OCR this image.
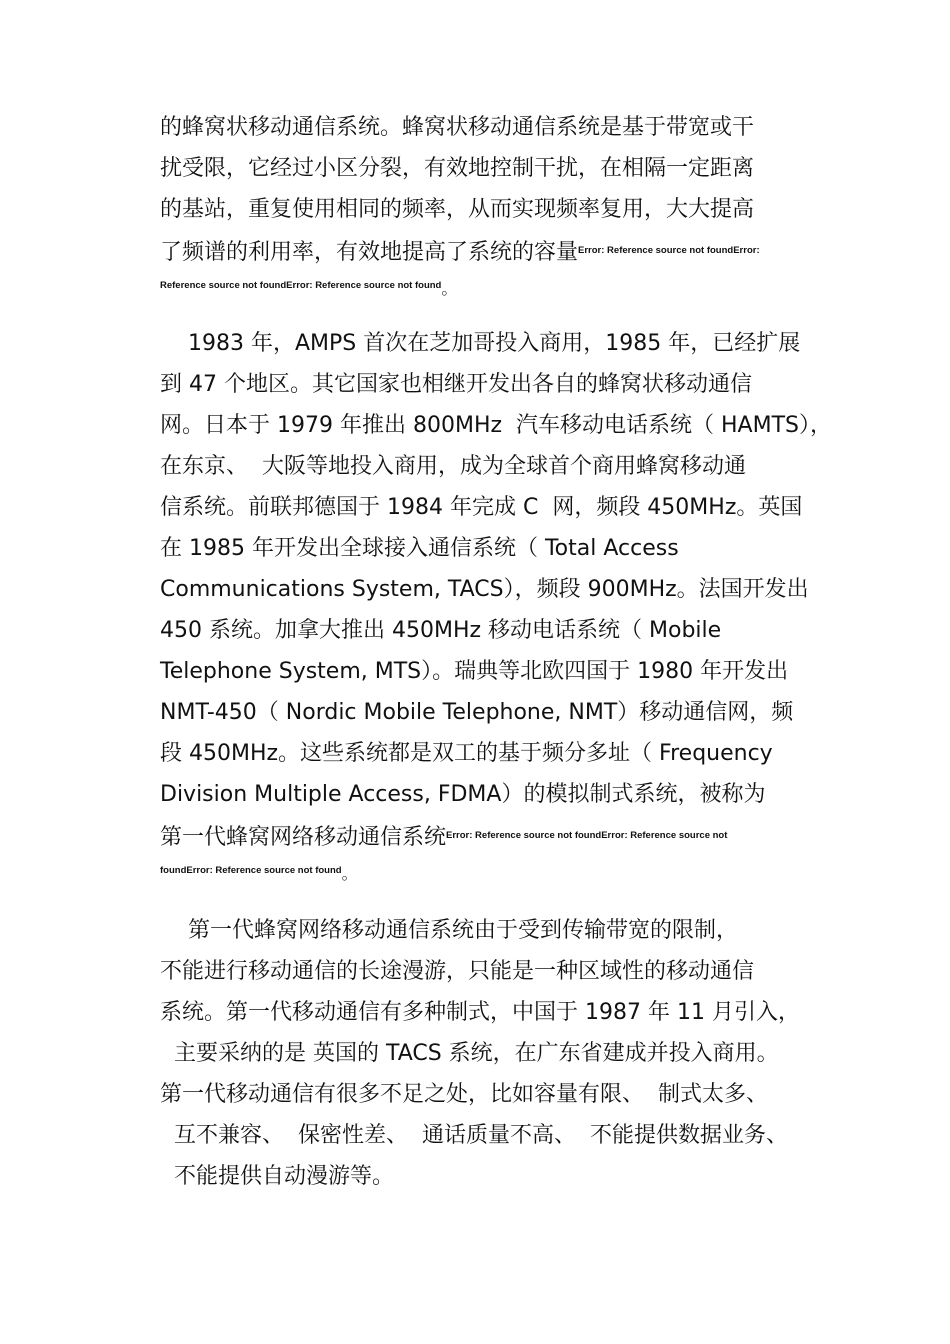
的蜂窝状移动通信系统。蜂窝状移动通信系统是基于带宽或干
扰受限，它经过小区分裂，有效地控制干扰，在相隔一定距离
的基站，重复使用相同的频率，从而实现频率复用，大大提高
了频谱的利用率，有效地提高了系统的容量$^{Error: Reference source not foundError:}$
Reference source not foundError: Reference source not found。
1983 年，AMPS 首次在芝加哥投入商用，1985 年，已经扩展
到 47 个地区。其它国家也相继开发出各自的蜂窝状移动通信
网。日本于 1979 年推出 800MHz  汽车移动电话系统（ HAMTS），
在东京、  大阪等地投入商用，成为全球首个商用蜂窝移动通
信系统。前联邦德国于 1984 年完成 C  网，频段 450MHz。英国
在 1985 年开发出全球接入通信系统（ Total Access
Communications System, TACS），频段 900MHz。法国开发出
450 系统。加拿大推出 450MHz 移动电话系统（ Mobile
Telephone System, MTS）。瑞典等北欧四国于 1980 年开发出
NMT-450（ Nordic Mobile Telephone, NMT）移动通信网，频
段 450MHz。这些系统都是双工的基于频分多址（ Frequency
Division Multiple Access, FDMA）的模拟制式系统，被称为
第一代蜂窝网络移动通信系统$^{Error: Reference source not foundError: Reference source not}$
foundError: Reference source not found。
第一代蜂窝网络移动通信系统由于受到传输带宽的限制，
不能进行移动通信的长途漫游，只能是一种区域性的移动通信
系统。第一代移动通信有多种制式，中国于 1987 年 11 月引入，
主要采纳的是 英国的 TACS 系统，在广东省建成并投入商用。
第一代移动通信有很多不足之处，比如容量有限、  制式太多、
互不兼容、  保密性差、  通话质量不高、  不能提供数据业务、
不能提供自动漫游等。
